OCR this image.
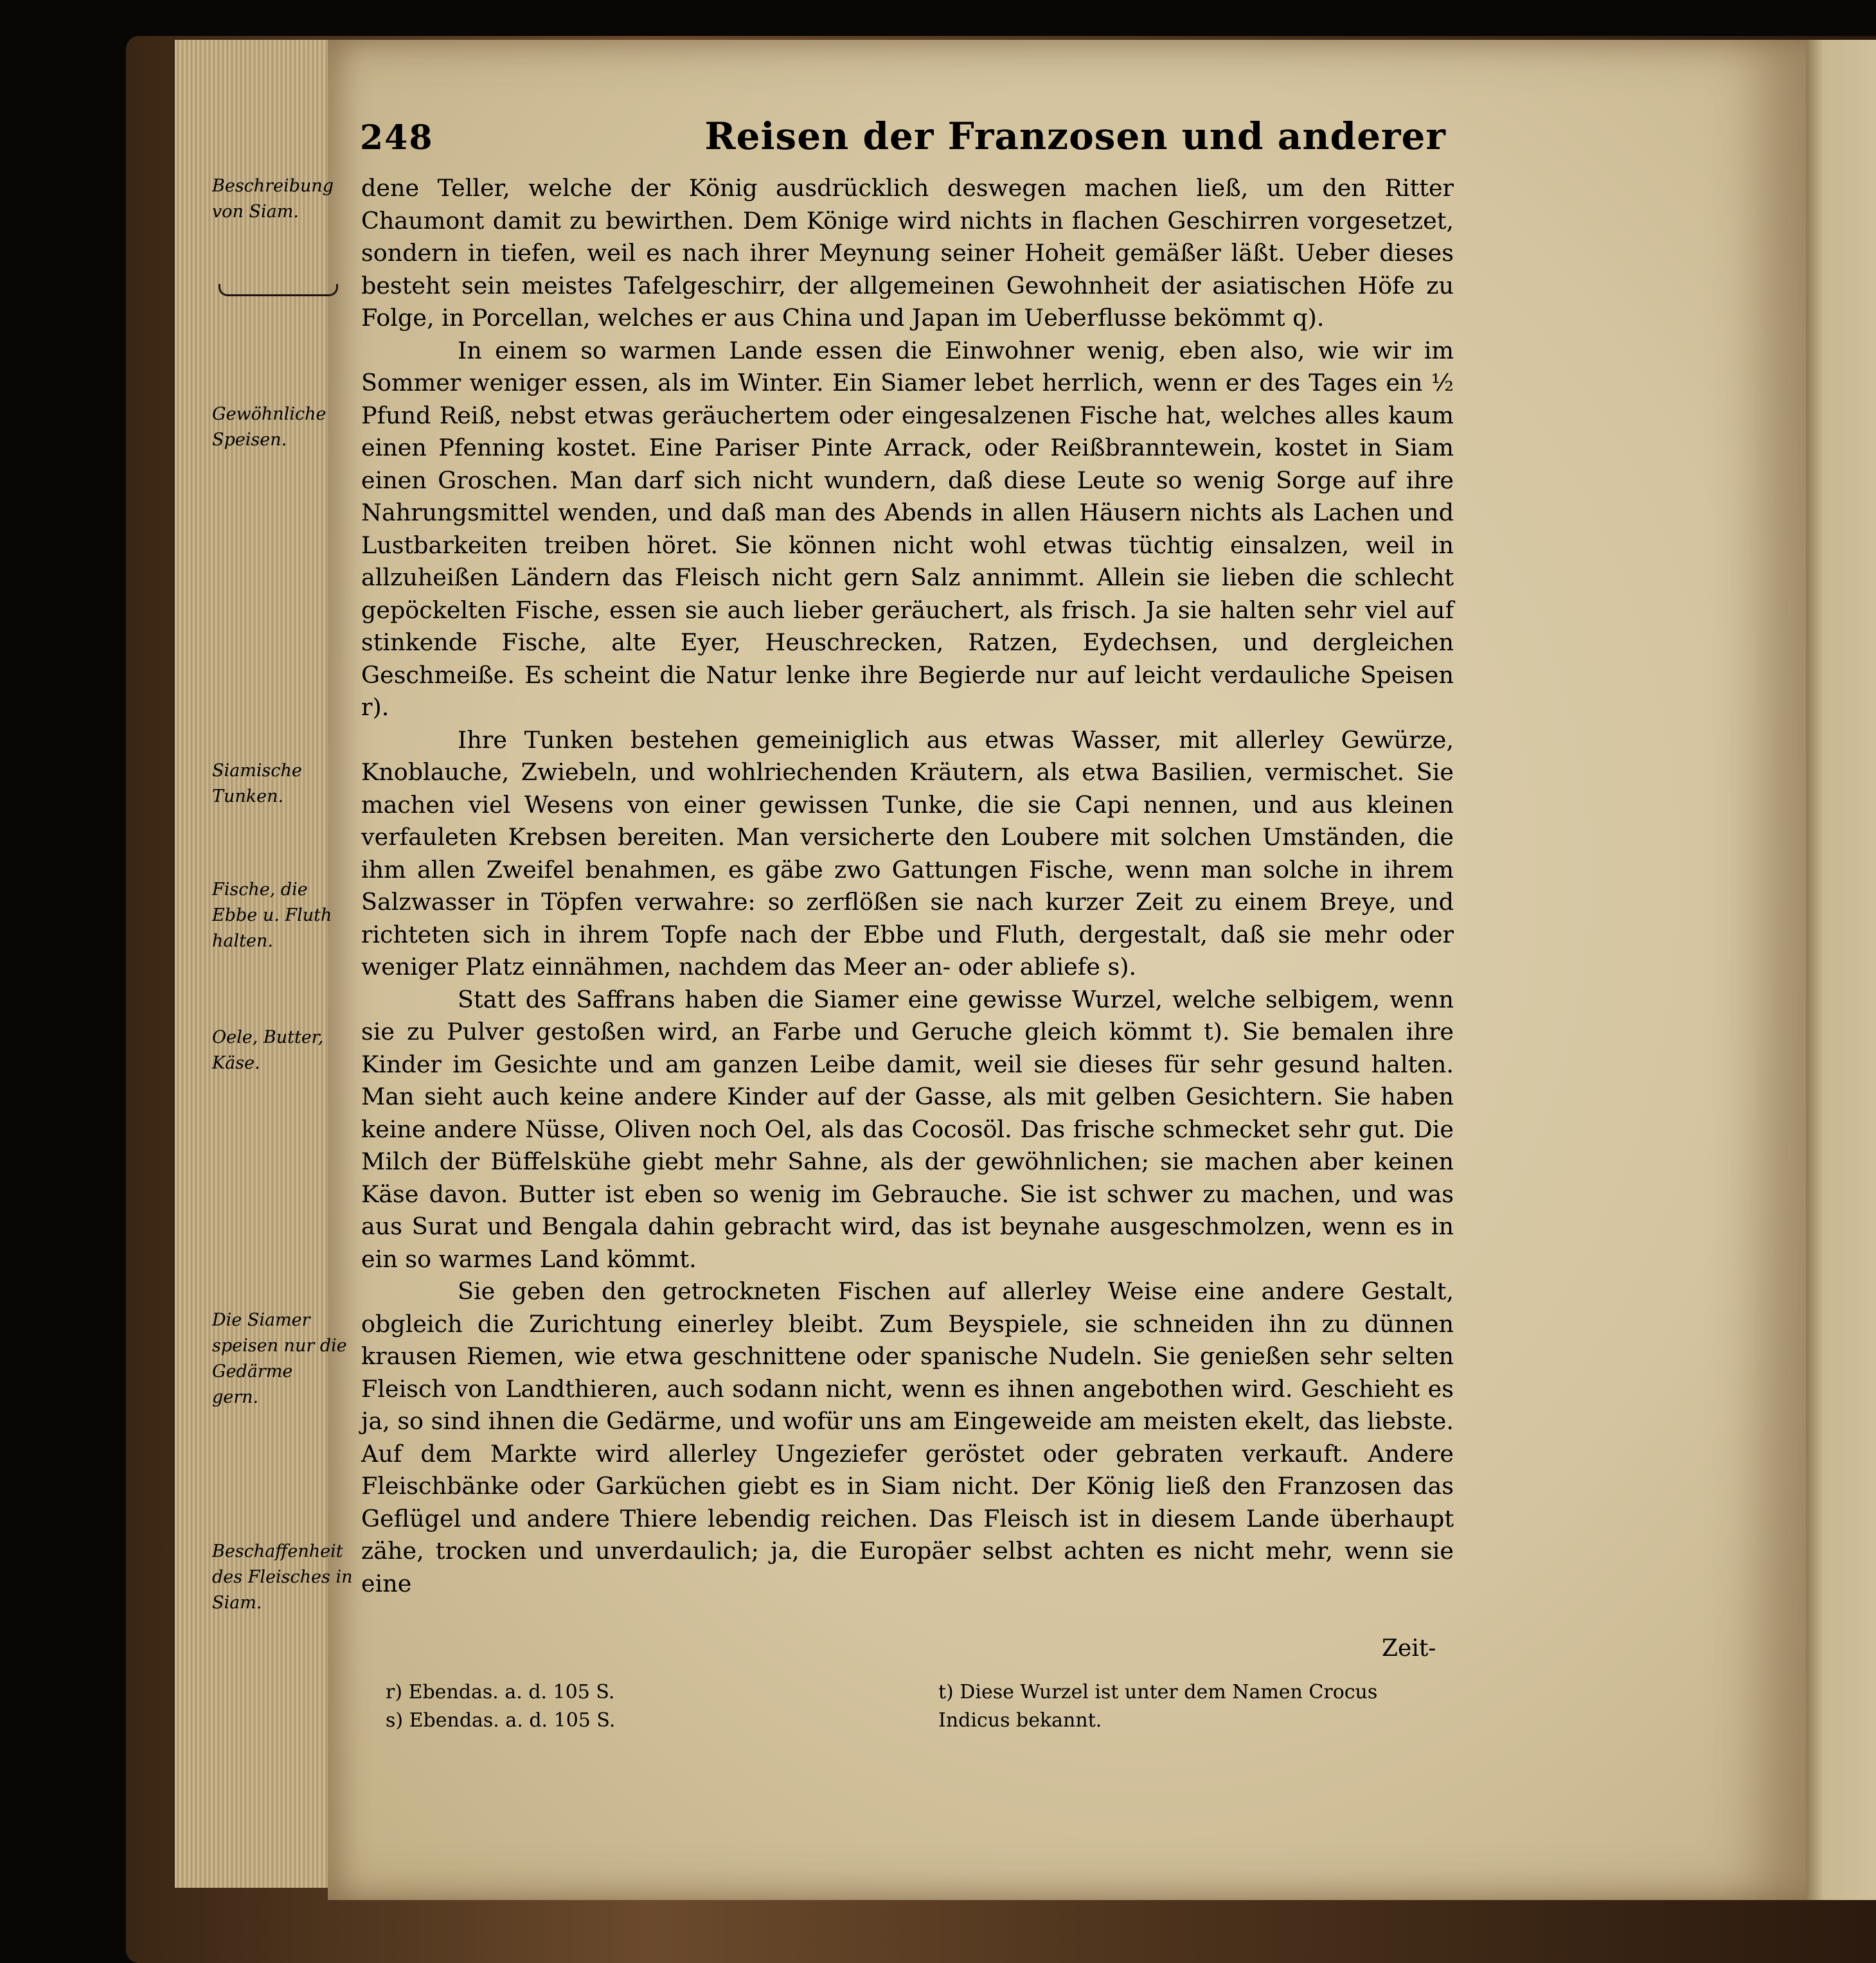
248	Reisen der Franzosen und anderer
Beschreibung
von Siam.
Gewöhnliche
Speisen.
Siamische
Tunken.
Fische, die
Ebbe u. Fluth
halten.
Oele, Butter,
Käse.
Die Siamer
speisen nur die
Gedärme
gern.
Beschaffenheit
des Fleisches in
Siam.

dene Teller, welche der König ausdrücklich deswegen machen ließ, um den Ritter Chaumont damit zu bewirthen. Dem Könige wird nichts in flachen Geschirren vorgesetzet, sondern in tiefen, weil es nach ihrer Meynung seiner Hoheit gemäßer läßt. Ueber dieses besteht sein meistes Tafelgeschirr, der allgemeinen Gewohnheit der asiatischen Höfe zu Folge, in Porcellan, welches er aus China und Japan im Ueberflusse bekömmt q).

In einem so warmen Lande essen die Einwohner wenig, eben also, wie wir im Sommer weniger essen, als im Winter. Ein Siamer lebet herrlich, wenn er des Tages ein ½ Pfund Reiß, nebst etwas geräuchertem oder eingesalzenen Fische hat, welches alles kaum einen Pfenning kostet. Eine Pariser Pinte Arrack, oder Reißbranntewein, kostet in Siam einen Groschen. Man darf sich nicht wundern, daß diese Leute so wenig Sorge auf ihre Nahrungsmittel wenden, und daß man des Abends in allen Häusern nichts als Lachen und Lustbarkeiten treiben höret. Sie können nicht wohl etwas tüchtig einsalzen, weil in allzuheißen Ländern das Fleisch nicht gern Salz annimmt. Allein sie lieben die schlecht gepöckelten Fische, essen sie auch lieber geräuchert, als frisch. Ja sie halten sehr viel auf stinkende Fische, alte Eyer, Heuschrecken, Ratzen, Eydechsen, und dergleichen Geschmeiße. Es scheint die Natur lenke ihre Begierde nur auf leicht verdauliche Speisen r).

Ihre Tunken bestehen gemeiniglich aus etwas Wasser, mit allerley Gewürze, Knoblauche, Zwiebeln, und wohlriechenden Kräutern, als etwa Basilien, vermischet. Sie machen viel Wesens von einer gewissen Tunke, die sie Capi nennen, und aus kleinen verfauleten Krebsen bereiten. Man versicherte den Loubere mit solchen Umständen, die ihm allen Zweifel benahmen, es gäbe zwo Gattungen Fische, wenn man solche in ihrem Salzwasser in Töpfen verwahre: so zerflößen sie nach kurzer Zeit zu einem Breye, und richteten sich in ihrem Topfe nach der Ebbe und Fluth, dergestalt, daß sie mehr oder weniger Platz einnähmen, nachdem das Meer an- oder abliefe s).

Statt des Saffrans haben die Siamer eine gewisse Wurzel, welche selbigem, wenn sie zu Pulver gestoßen wird, an Farbe und Geruche gleich kömmt t). Sie bemalen ihre Kinder im Gesichte und am ganzen Leibe damit, weil sie dieses für sehr gesund halten. Man sieht auch keine andere Kinder auf der Gasse, als mit gelben Gesichtern. Sie haben keine andere Nüsse, Oliven noch Oel, als das Cocosöl. Das frische schmecket sehr gut. Die Milch der Büffelskühe giebt mehr Sahne, als der gewöhnlichen; sie machen aber keinen Käse davon. Butter ist eben so wenig im Gebrauche. Sie ist schwer zu machen, und was aus Surat und Bengala dahin gebracht wird, das ist beynahe ausgeschmolzen, wenn es in ein so warmes Land kömmt.

Sie geben den getrockneten Fischen auf allerley Weise eine andere Gestalt, obgleich die Zurichtung einerley bleibt. Zum Beyspiele, sie schneiden ihn zu dünnen krausen Riemen, wie etwa geschnittene oder spanische Nudeln. Sie genießen sehr selten Fleisch von Landthieren, auch sodann nicht, wenn es ihnen angebothen wird. Geschieht es ja, so sind ihnen die Gedärme, und wofür uns am Eingeweide am meisten ekelt, das liebste. Auf dem Markte wird allerley Ungeziefer geröstet oder gebraten verkauft. Andere Fleischbänke oder Garküchen giebt es in Siam nicht. Der König ließ den Franzosen das Geflügel und andere Thiere lebendig reichen. Das Fleisch ist in diesem Lande überhaupt zähe, trocken und unverdaulich; ja, die Europäer selbst achten es nicht mehr, wenn sie eine

Zeit-
r) Ebendas. a. d. 105 S.
s) Ebendas. a. d. 105 S.
t) Diese Wurzel ist unter dem Namen Crocus
Indicus bekannt.
